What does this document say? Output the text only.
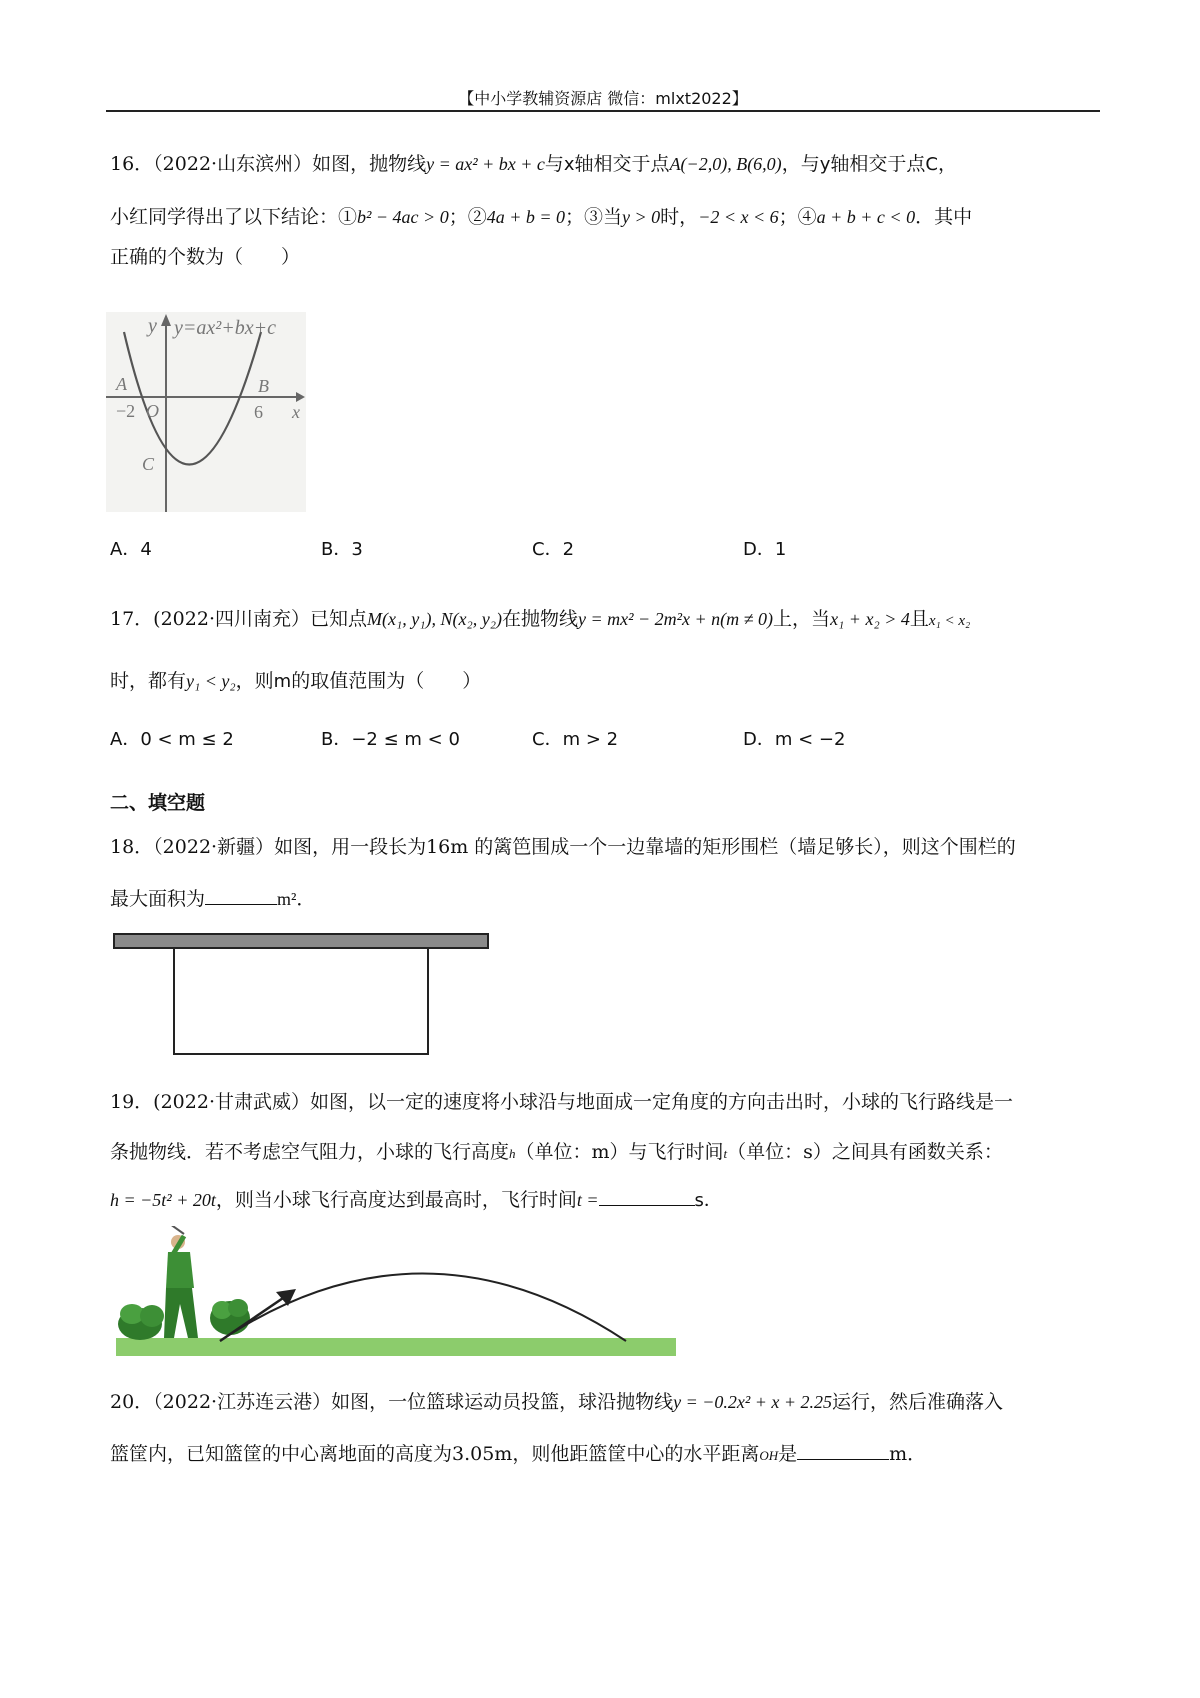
【中小学教辅资源店 微信：mlxt2022】
16．（2022·山东滨州）如图，抛物线y = ax² + bx + c与x轴相交于点A(−2,0), B(6,0)，与y轴相交于点C，
小红同学得出了以下结论：①b² − 4ac > 0；②4a + b = 0；③当y > 0时，−2 < x < 6；④a + b + c < 0．其中
正确的个数为（　　）
y y=ax²+bx+c
A	B
−2 O	6 x
C
A．4	B．3	C．2	D．1
17．(2022·四川南充）已知点M(x₁, y₁), N(x₂, y₂)在抛物线y = mx² − 2m²x + n(m ≠ 0)上，当x₁ + x₂ > 4且x₁ < x₂
时，都有y₁ < y₂，则m的取值范围为（　　）
A．0 < m ≤ 2	B．−2 ≤ m < 0	C．m > 2	D．m < −2
二、填空题
18．（2022·新疆）如图，用一段长为16m 的篱笆围成一个一边靠墙的矩形围栏（墙足够长），则这个围栏的
最大面积为	m²．
19．(2022·甘肃武威）如图，以一定的速度将小球沿与地面成一定角度的方向击出时，小球的飞行路线是一
条抛物线．若不考虑空气阻力，小球的飞行高度h（单位：m）与飞行时间t（单位：s）之间具有函数关系：
h = −5t² + 20t，则当小球飞行高度达到最高时，飞行时间t =	s．
20．（2022·江苏连云港）如图，一位篮球运动员投篮，球沿抛物线y = −0.2x² + x + 2.25运行，然后准确落入
篮筐内，已知篮筐的中心离地面的高度为3.05m，则他距篮筐中心的水平距离OH是	m．
